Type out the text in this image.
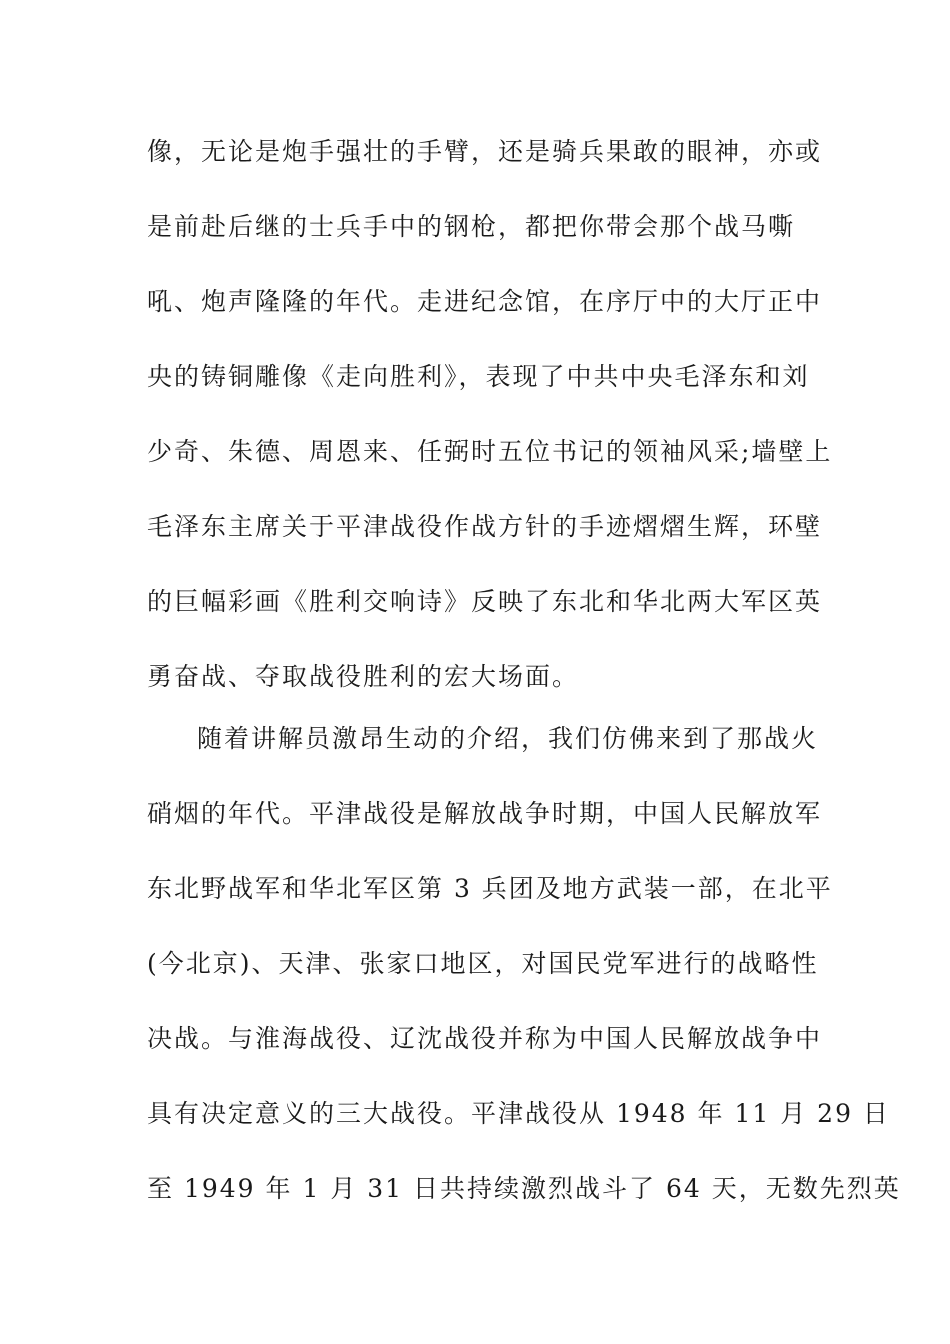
像，无论是炮手强壮的手臂，还是骑兵果敢的眼神，亦或
是前赴后继的士兵手中的钢枪，都把你带会那个战马嘶
吼、炮声隆隆的年代。走进纪念馆，在序厅中的大厅正中
央的铸铜雕像《走向胜利》，表现了中共中央毛泽东和刘
少奇、朱德、周恩来、任弼时五位书记的领袖风采;墙壁上
毛泽东主席关于平津战役作战方针的手迹熠熠生辉，环壁
的巨幅彩画《胜利交响诗》反映了东北和华北两大军区英
勇奋战、夺取战役胜利的宏大场面。
随着讲解员激昂生动的介绍，我们仿佛来到了那战火
硝烟的年代。平津战役是解放战争时期，中国人民解放军
东北野战军和华北军区第 3 兵团及地方武装一部，在北平
(今北京)、天津、张家口地区，对国民党军进行的战略性
决战。与淮海战役、辽沈战役并称为中国人民解放战争中
具有决定意义的三大战役。平津战役从 1948 年 11 月 29 日
至 1949 年 1 月 31 日共持续激烈战斗了 64 天，无数先烈英
